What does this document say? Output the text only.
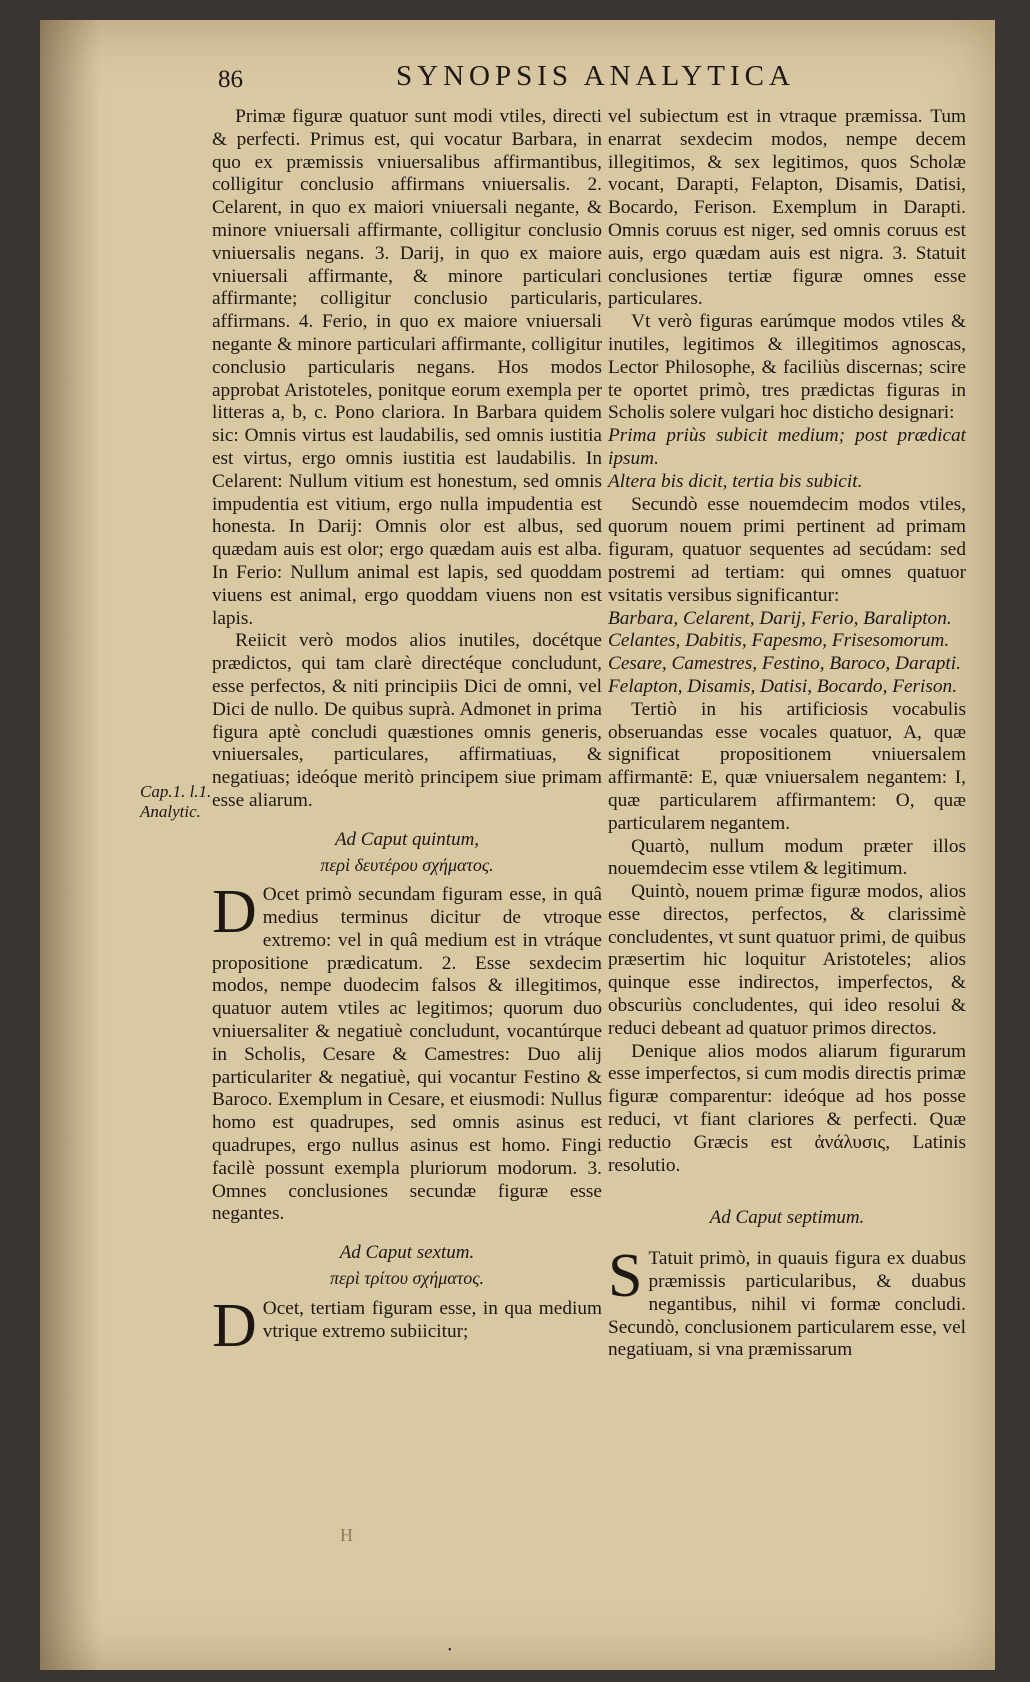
86	SYNOPSIS ANALYTICA
Cap.1. l.1. Analytic.

Primæ figuræ quatuor sunt modi vtiles, directi & perfecti. Primus est, qui vocatur Barbara, in quo ex præmissis vniuersalibus affirmantibus, colligitur conclusio affirmans vniuersalis. 2. Celarent, in quo ex maiori vniuersali negante, & minore vniuersali affirmante, colligitur conclusio vniuersalis negans. 3. Darij, in quo ex maiore vniuersali affirmante, & minore particulari affirmante; colligitur conclusio particularis, affirmans. 4. Ferio, in quo ex maiore vniuersali negante & minore particulari affirmante, colligitur conclusio particularis negans. Hos modos approbat Aristoteles, ponitque eorum exempla per litteras a, b, c. Pono clariora. In Barbara quidem sic: Omnis virtus est laudabilis, sed omnis iustitia est virtus, ergo omnis iustitia est laudabilis. In Celarent: Nullum vitium est honestum, sed omnis impudentia est vitium, ergo nulla impudentia est honesta. In Darij: Omnis olor est albus, sed quædam auis est olor; ergo quædam auis est alba. In Ferio: Nullum animal est lapis, sed quoddam viuens est animal, ergo quoddam viuens non est lapis.

Reiicit verò modos alios inutiles, docétque prædictos, qui tam clarè directéque concludunt, esse perfectos, & niti principiis Dici de omni, vel Dici de nullo. De quibus suprà. Admonet in prima figura aptè concludi quæstiones omnis generis, vniuersales, particulares, affirmatiuas, & negatiuas; ideóque meritò principem siue primam esse aliarum.

Ad Caput quintum,
περὶ δευτέρου σχήματος.

D Ocet primò secundam figuram esse, in quâ medius terminus dicitur de vtroque extremo: vel in quâ medium est in vtráque propositione prædicatum. 2. Esse sexdecim modos, nempe duodecim falsos & illegitimos, quatuor autem vtiles ac legitimos; quorum duo vniuersaliter & negatiuè concludunt, vocantúrque in Scholis, Cesare & Camestres: Duo alij particulariter & negatiuè, qui vocantur Festino & Baroco. Exemplum in Cesare, et eiusmodi: Nullus homo est quadrupes, sed omnis asinus est quadrupes, ergo nullus asinus est homo. Fingi facilè possunt exempla pluriorum modorum. 3. Omnes conclusiones secundæ figuræ esse negantes.

Ad Caput sextum.
περὶ τρίτου σχήματος.

D Ocet, tertiam figuram esse, in qua medium vtrique extremo subiicitur;

vel subiectum est in vtraque præmissa. Tum enarrat sexdecim modos, nempe decem illegitimos, & sex legitimos, quos Scholæ vocant, Darapti, Felapton, Disamis, Datisi, Bocardo, Ferison. Exemplum in Darapti. Omnis coruus est niger, sed omnis coruus est auis, ergo quædam auis est nigra. 3. Statuit conclusiones tertiæ figuræ omnes esse particulares.

Vt verò figuras earúmque modos vtiles & inutiles, legitimos & illegitimos agnoscas, Lector Philosophe, & faciliùs discernas; scire te oportet primò, tres prædictas figuras in Scholis solere vulgari hoc disticho designari:

Prima priùs subicit medium; post prædicat ipsum.

Altera bis dicit, tertia bis subicit.

Secundò esse nouemdecim modos vtiles, quorum nouem primi pertinent ad primam figuram, quatuor sequentes ad secúdam: sed postremi ad tertiam: qui omnes quatuor vsitatis versibus significantur:

Barbara, Celarent, Darij, Ferio, Baralipton.

Celantes, Dabitis, Fapesmo, Frisesomorum.

Cesare, Camestres, Festino, Baroco, Darapti.

Felapton, Disamis, Datisi, Bocardo, Ferison.

Tertiò in his artificiosis vocabulis obseruandas esse vocales quatuor, A, quæ significat propositionem vniuersalem affirmantē: E, quæ vniuersalem negantem: I, quæ particularem affirmantem: O, quæ particularem negantem.

Quartò, nullum modum præter illos nouemdecim esse vtilem & legitimum.

Quintò, nouem primæ figuræ modos, alios esse directos, perfectos, & clarissimè concludentes, vt sunt quatuor primi, de quibus præsertim hic loquitur Aristoteles; alios quinque esse indirectos, imperfectos, & obscuriùs concludentes, qui ideo resolui & reduci debeant ad quatuor primos directos.

Denique alios modos aliarum figurarum esse imperfectos, si cum modis directis primæ figuræ comparentur: ideóque ad hos posse reduci, vt fiant clariores & perfecti. Quæ reductio Græcis est ἀνάλυσις, Latinis resolutio.

Ad Caput septimum.

S Tatuit primò, in quauis figura ex duabus præmissis particularibus, & duabus negantibus, nihil vi formæ concludi. Secundò, conclusionem particularem esse, vel negatiuam, si vna præmissarum

H
•
